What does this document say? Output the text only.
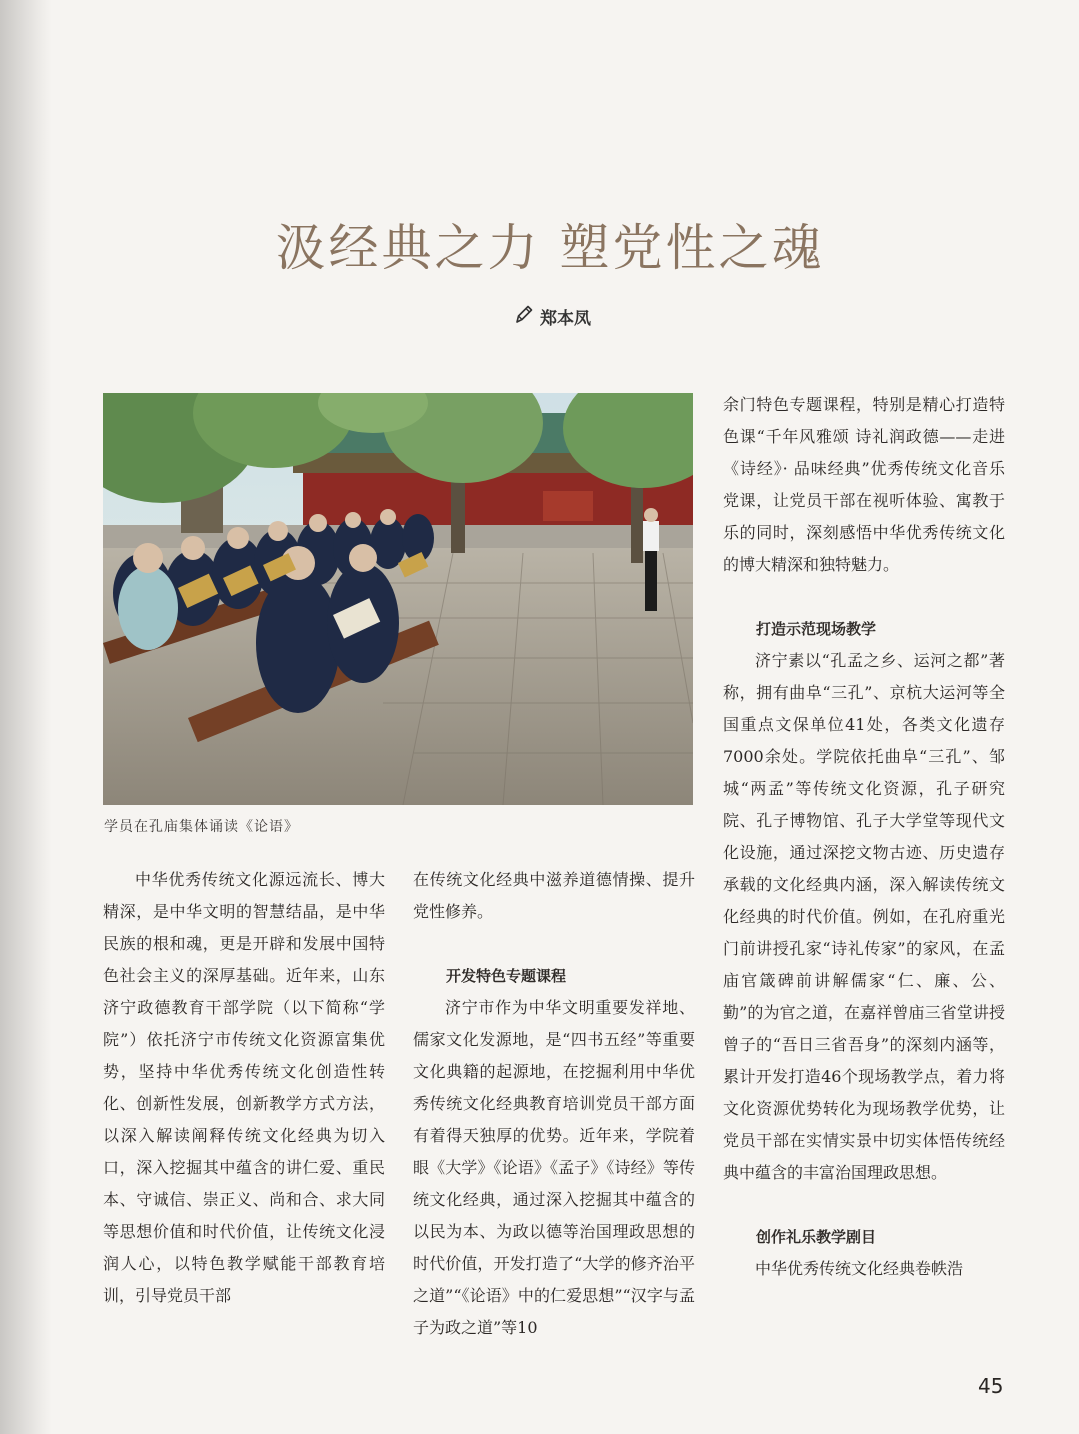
汲经典之力 塑党性之魂
郑本凤
学员在孔庙集体诵读《论语》

中华优秀传统文化源远流长、博大精深，是中华文明的智慧结晶，是中华民族的根和魂，更是开辟和发展中国特色社会主义的深厚基础。近年来，山东济宁政德教育干部学院（以下简称“学院”）依托济宁市传统文化资源富集优势，坚持中华优秀传统文化创造性转化、创新性发展，创新教学方式方法，以深入解读阐释传统文化经典为切入口，深入挖掘其中蕴含的讲仁爱、重民本、守诚信、崇正义、尚和合、求大同等思想价值和时代价值，让传统文化浸润人心，以特色教学赋能干部教育培训，引导党员干部

在传统文化经典中滋养道德情操、提升党性修养。

开发特色专题课程

济宁市作为中华文明重要发祥地、儒家文化发源地，是“四书五经”等重要文化典籍的起源地，在挖掘利用中华优秀传统文化经典教育培训党员干部方面有着得天独厚的优势。近年来，学院着眼《大学》《论语》《孟子》《诗经》等传统文化经典，通过深入挖掘其中蕴含的以民为本、为政以德等治国理政思想的时代价值，开发打造了“大学的修齐治平之道”“《论语》中的仁爱思想”“汉字与孟子为政之道”等10

余门特色专题课程，特别是精心打造特色课“千年风雅颂 诗礼润政德——走进《诗经》· 品味经典”优秀传统文化音乐党课，让党员干部在视听体验、寓教于乐的同时，深刻感悟中华优秀传统文化的博大精深和独特魅力。

打造示范现场教学

济宁素以“孔孟之乡、运河之都”著称，拥有曲阜“三孔”、京杭大运河等全国重点文保单位41处，各类文化遗存7000余处。学院依托曲阜“三孔”、邹城“两孟”等传统文化资源，孔子研究院、孔子博物馆、孔子大学堂等现代文化设施，通过深挖文物古迹、历史遗存承载的文化经典内涵，深入解读传统文化经典的时代价值。例如，在孔府重光门前讲授孔家“诗礼传家”的家风，在孟庙官箴碑前讲解儒家“仁、廉、公、勤”的为官之道，在嘉祥曾庙三省堂讲授曾子的“吾日三省吾身”的深刻内涵等，累计开发打造46个现场教学点，着力将文化资源优势转化为现场教学优势，让党员干部在实情实景中切实体悟传统经典中蕴含的丰富治国理政思想。

创作礼乐教学剧目

中华优秀传统文化经典卷帙浩

45
